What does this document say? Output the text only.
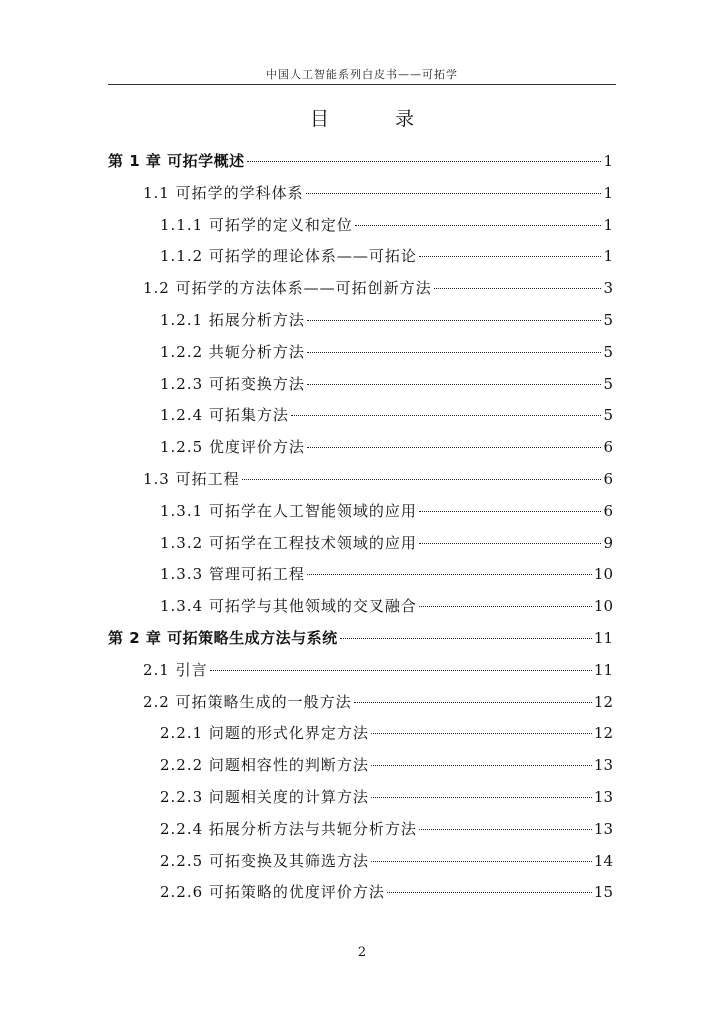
中国人工智能系列白皮书——可拓学
目 录
第 1 章 可拓学概述	1
1.1 可拓学的学科体系	1
1.1.1 可拓学的定义和定位	1
1.1.2 可拓学的理论体系——可拓论	1
1.2 可拓学的方法体系——可拓创新方法	3
1.2.1 拓展分析方法	5
1.2.2 共轭分析方法	5
1.2.3 可拓变换方法	5
1.2.4 可拓集方法	5
1.2.5 优度评价方法	6
1.3 可拓工程	6
1.3.1 可拓学在人工智能领域的应用	6
1.3.2 可拓学在工程技术领域的应用	9
1.3.3 管理可拓工程	10
1.3.4 可拓学与其他领域的交叉融合	10
第 2 章 可拓策略生成方法与系统	11
2.1 引言	11
2.2 可拓策略生成的一般方法	12
2.2.1 问题的形式化界定方法	12
2.2.2 问题相容性的判断方法	13
2.2.3 问题相关度的计算方法	13
2.2.4 拓展分析方法与共轭分析方法	13
2.2.5 可拓变换及其筛选方法	14
2.2.6 可拓策略的优度评价方法	15
2
